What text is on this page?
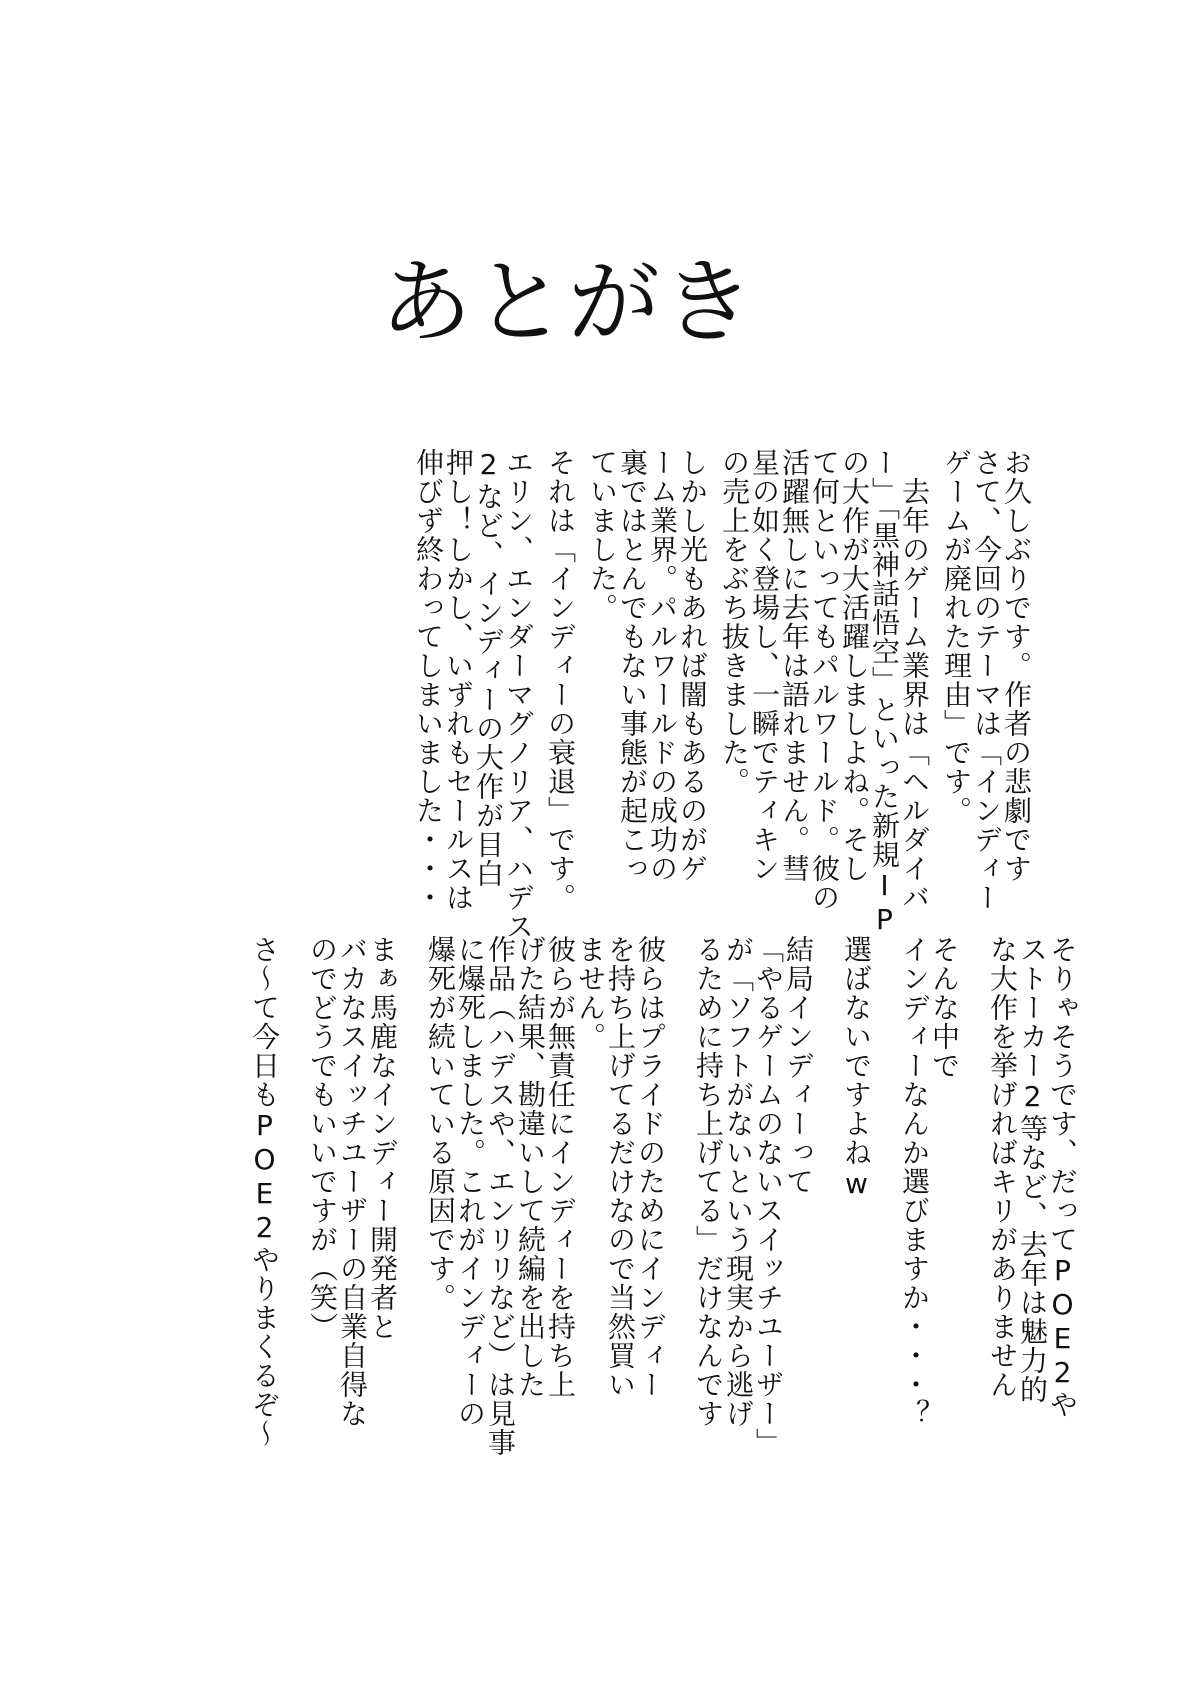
あとがき
お久しぶりです。作者の悲劇です
さて、今回のテーマは「インディー
ゲームが廃れた理由」です。
　去年のゲーム業界は「ヘルダイバ
ー」「黒神話悟空」といった新規IP
の大作が大活躍しましよね。そし
て何といってもパルワールド。彼の
活躍無しに去年は語れません。彗
星の如く登場し、一瞬でティキン
の売上をぶち抜きました。
しかし光もあれば闇もあるのがゲ
ーム業界。パルワールドの成功の
裏ではとんでもない事態が起こっ
ていました。
それは「インディーの衰退」です。
エリン、エンダーマグノリア、ハデス
2など、インディーの大作が目白
押し！しかし、いずれもセールスは
伸びず終わってしまいました・・・
そりゃそうです、だってPOE2や
ストーカー2等など、去年は魅力的
な大作を挙げればキリがありません
そんな中で
インディーなんか選びますか・・・？
選ばないですよねw
結局インディーって
「やるゲームのないスイッチユーザー」
が「ソフトがないという現実から逃げ
るために持ち上げてる」だけなんです
彼らはプライドのためにインディー
を持ち上げてるだけなので当然買い
ません。
彼らが無責任にインディーを持ち上
げた結果、勘違いして続編を出した
作品（ハデスや、エンリリなど）は見事
に爆死しました。これがインディーの
爆死が続いている原因です。
まぁ馬鹿なインディー開発者と
バカなスイッチユーザーの自業自得な
のでどうでもいいですが（笑）
さ～て今日もPOE2やりまくるぞ～
